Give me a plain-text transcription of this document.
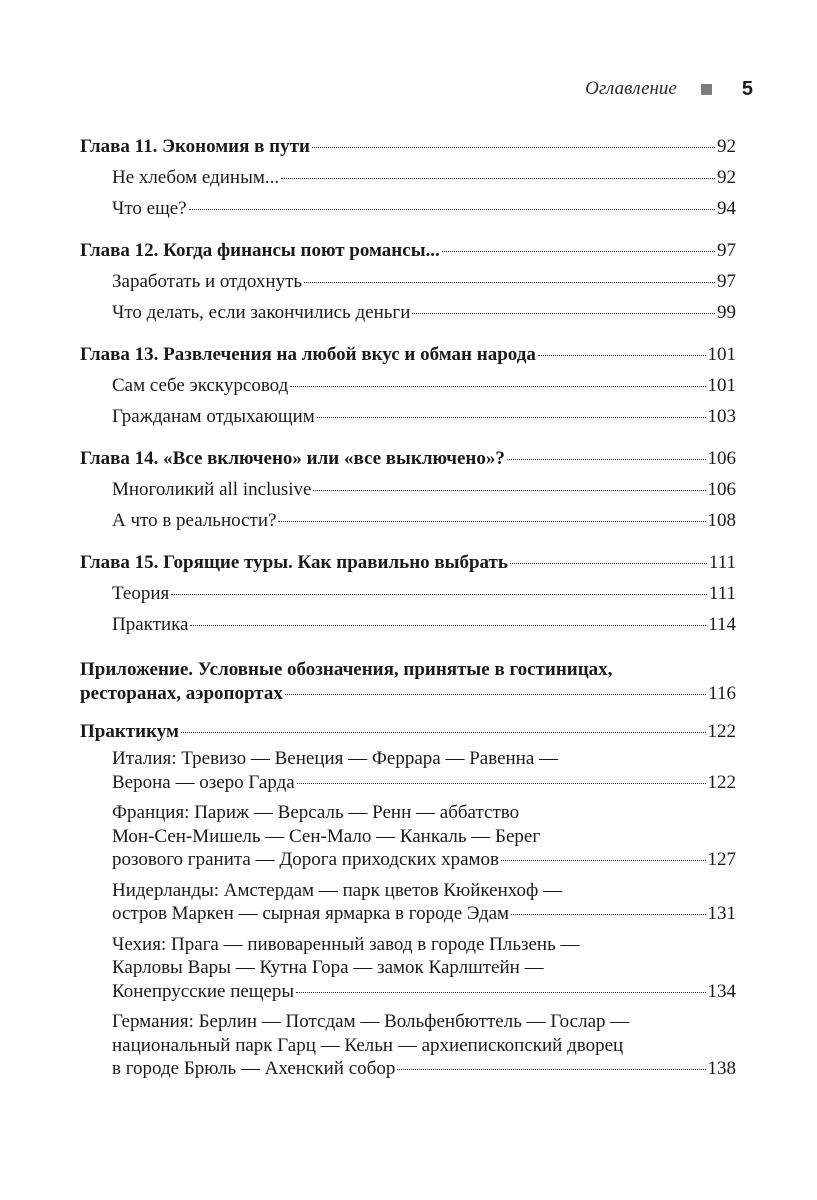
Оглавление	5
Глава 11. Экономия в пути	92
Не хлебом единым...	92
Что еще?	94
Глава 12. Когда финансы поют романсы...	97
Заработать и отдохнуть	97
Что делать, если закончились деньги	99
Глава 13. Развлечения на любой вкус и обман народа	101
Сам себе экскурсовод	101
Гражданам отдыхающим	103
Глава 14. «Все включено» или «все выключено»?	106
Многоликий all inclusive	106
А что в реальности?	108
Глава 15. Горящие туры. Как правильно выбрать	111
Теория	111
Практика	114
Приложение. Условные обозначения, принятые в гостиницах,
ресторанах, аэропортах	116
Практикум	122
Италия: Тревизо — Венеция — Феррара — Равенна —
Верона — озеро Гарда	122
Франция: Париж — Версаль — Ренн — аббатство
Мон-Сен-Мишель — Сен-Мало — Канкаль — Берег
розового гранита — Дорога приходских храмов	127
Нидерланды: Амстердам — парк цветов Кюйкенхоф —
остров Маркен — сырная ярмарка в городе Эдам	131
Чехия: Прага — пивоваренный завод в городе Пльзень —
Карловы Вары — Кутна Гора — замок Карлштейн —
Конепрусские пещеры	134
Германия: Берлин — Потсдам — Вольфенбюттель — Гослар —
национальный парк Гарц — Кельн — архиепископский дворец
в городе Брюль — Ахенский собор	138
